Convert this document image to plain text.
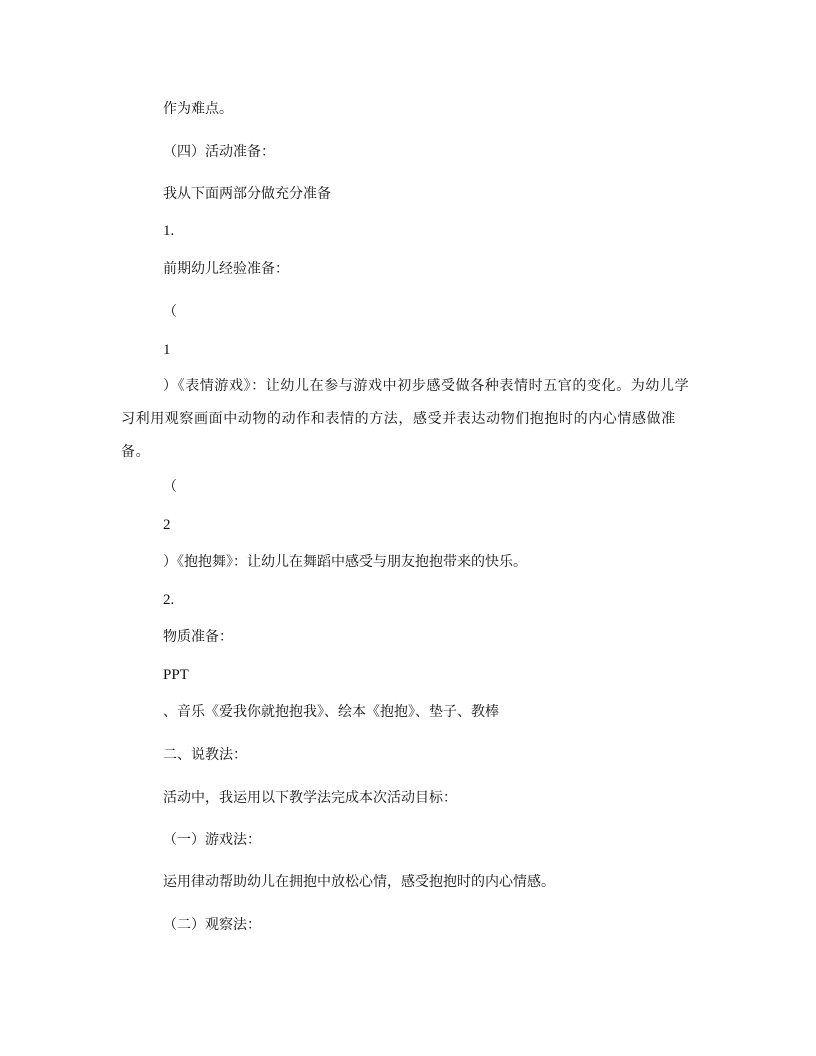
作为难点。

（四）活动准备：

我从下面两部分做充分准备

1.

前期幼儿经验准备：

（

1

）《表情游戏》：让幼儿在参与游戏中初步感受做各种表情时五官的变化。为幼儿学习利用观察画面中动物的动作和表情的方法，感受并表达动物们抱抱时的内心情感做准备。

（

2

）《抱抱舞》：让幼儿在舞蹈中感受与朋友抱抱带来的快乐。

2.

物质准备：

PPT

、音乐《爱我你就抱抱我》、绘本《抱抱》、垫子、教棒

二、说教法：

活动中，我运用以下教学法完成本次活动目标：

（一）游戏法：

运用律动帮助幼儿在拥抱中放松心情，感受抱抱时的内心情感。

（二）观察法：
